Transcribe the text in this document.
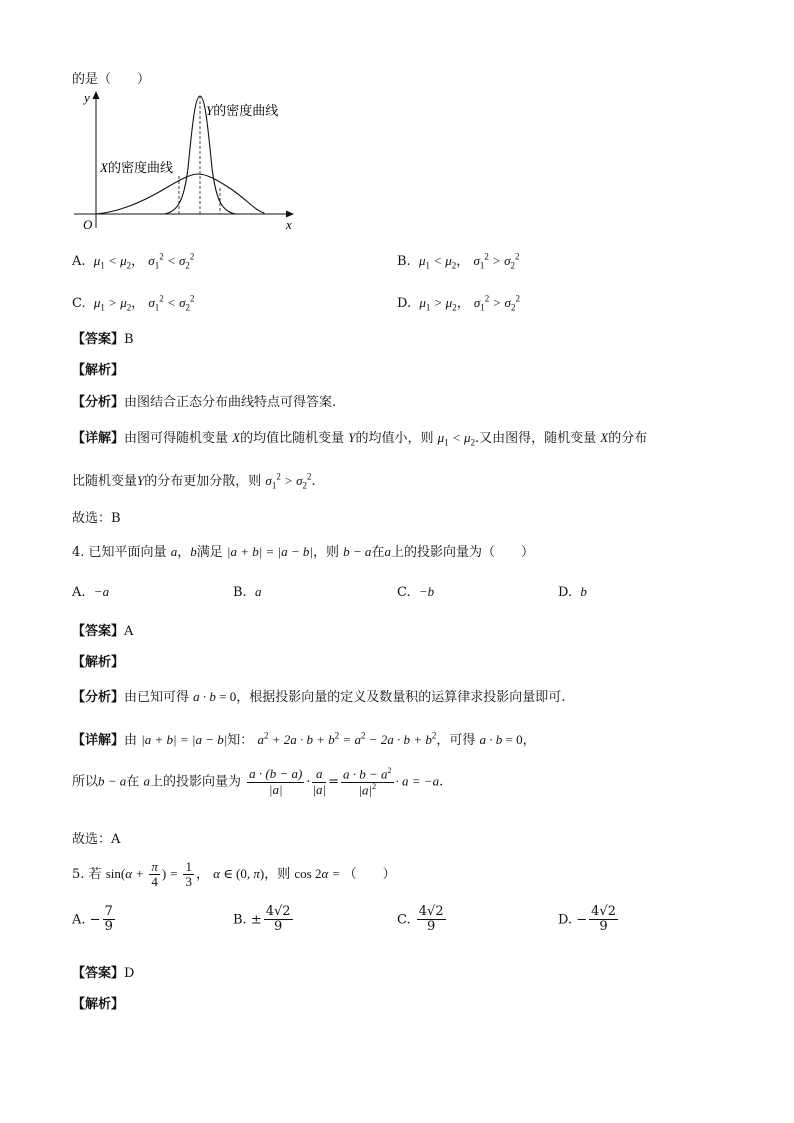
的是（　　）
y
x
O
Y的密度曲线
X的密度曲线
A. $\mu_1 < \mu_2$， $\sigma_1^2 < \sigma_2^2$	B. $\mu_1 < \mu_2$， $\sigma_1^2 > \sigma_2^2$
C. $\mu_1 > \mu_2$， $\sigma_1^2 < \sigma_2^2$	D. $\mu_1 > \mu_2$， $\sigma_1^2 > \sigma_2^2$
【答案】B
【解析】
【分析】由图结合正态分布曲线特点可得答案.
【详解】由图可得随机变量 X的均值比随机变量 Y的均值小，则 $\mu_1 < \mu_2$.又由图得，随机变量 X的分布
比随机变量Y的分布更加分散，则 $\sigma_1^2 > \sigma_2^2$.
故选：B
4. 已知平面向量 a，b满足 |a + b| = |a − b|，则 b − a在a上的投影向量为（　　）
A. −a	B. a	C. −b	D. b
【答案】A
【解析】
【分析】由已知可得 a · b = 0，根据投影向量的定义及数量积的运算律求投影向量即可.
【详解】由 |a + b| = |a − b|知： $a^2 + 2a \cdot b + b^2 = a^2 - 2a \cdot b + b^2$，可得 a · b = 0，
所以b − a在 a上的投影向量为 $\frac{a \cdot (b - a)}{|a|} \cdot \frac{a}{|a|} = \frac{a \cdot b - a^2}{|a|^2} \cdot a = -a$.
故选：A
5. 若 $\sin(\alpha + \frac{\pi}{4}$ ) = $\frac{1}{3}$ ， α ∈ (0, π)，则 cos 2α = （　　）
A. − $\frac{7}{9}$	B. ± $\frac{4√2}{9}$	C. $\frac{4√2}{9}$	D. − $\frac{4√2}{9}$
【答案】D
【解析】
